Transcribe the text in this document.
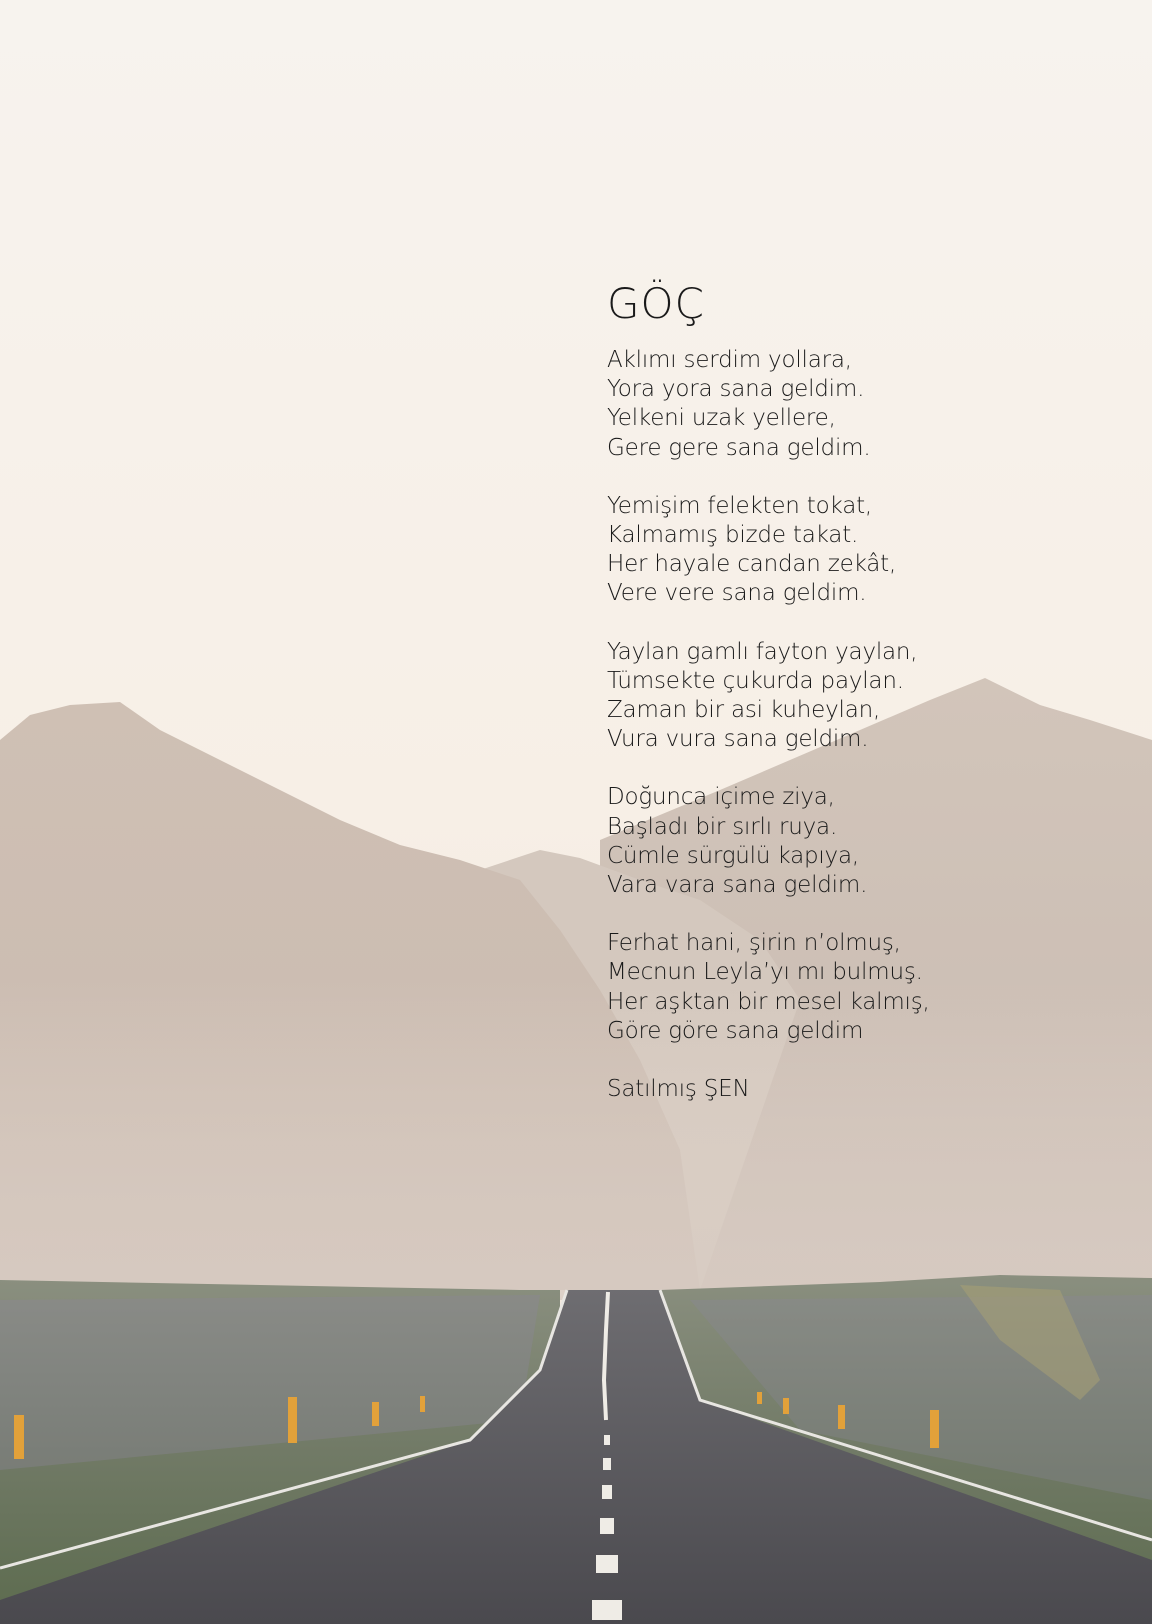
GÖÇ
Aklımı serdim yollara,
Yora yora sana geldim.
Yelkeni uzak yellere,
Gere gere sana geldim.
Yemişim felekten tokat,
Kalmamış bizde takat.
Her hayale candan zekât,
Vere vere sana geldim.
Yaylan gamlı fayton yaylan,
Tümsekte çukurda paylan.
Zaman bir asi kuheylan,
Vura vura sana geldim.
Doğunca içime ziya,
Başladı bir sırlı ruya.
Cümle sürgülü kapıya,
Vara vara sana geldim.
Ferhat hani, şirin n’olmuş,
Mecnun Leyla’yı mı bulmuş.
Her aşktan bir mesel kalmış,
Göre göre sana geldim
Satılmış ŞEN
